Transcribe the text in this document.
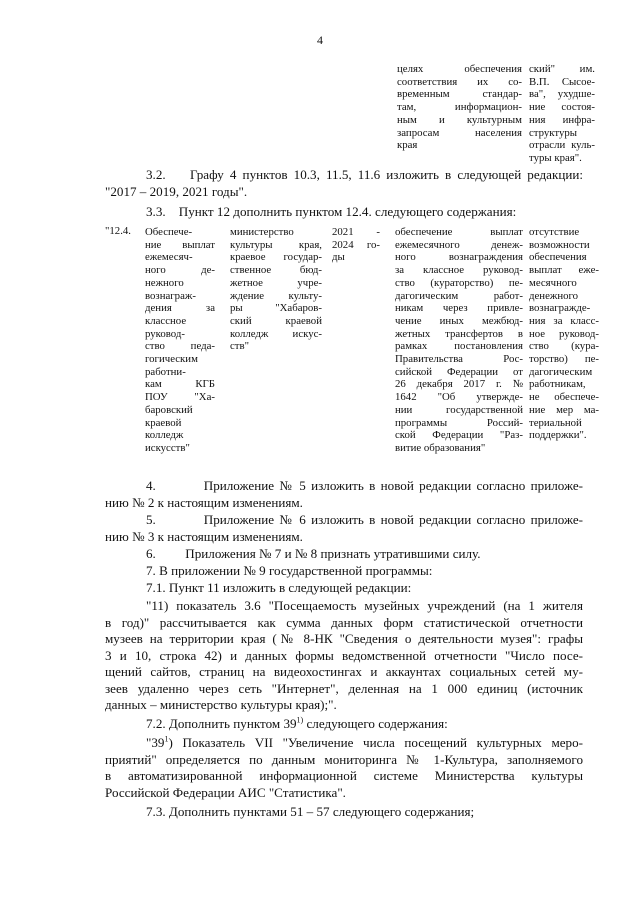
4
целях обеспечения
соответствия их со-
временным стандар-
там, информацион-
ным и культурным
запросам населения
края
ский" им.
В.П. Сысое-
ва", ухудше-
ние состоя-
ния инфра-
структуры
отрасли куль-
туры края".
3.2.    Графу 4 пунктов 10.3, 11.5, 11.6 изложить в следующей редакции:
"2017 – 2019, 2021 годы".
3.3.    Пункт 12 дополнить пунктом 12.4. следующего содержания:
"12.4.	Обеспече-
ние выплат
ежемесяч-
ного де-
нежного
вознаграж-
дения за
классное
руковод-
ство педа-
гогическим
работни-
кам КГБ
ПОУ "Ха-
баровский
краевой
колледж
искусств"
министерство
культуры края,
краевое государ-
ственное бюд-
жетное учре-
ждение культу-
ры "Хабаров-
ский краевой
колледж искус-
ств"
2021 -
2024 го-
ды
обеспечение выплат
ежемесячного денеж-
ного вознаграждения
за классное руковод-
ство (кураторство) пе-
дагогическим работ-
никам через привле-
чение иных межбюд-
жетных трансфертов в
рамках постановления
Правительства Рос-
сийской Федерации от
26 декабря 2017 г. №
1642 "Об утвержде-
нии государственной
программы Россий-
ской Федерации "Раз-
витие образования"
отсутствие
возможности
обеспечения
выплат еже-
месячного
денежного
вознагражде-
ния за класс-
ное руковод-
ство (кура-
торство) пе-
дагогическим
работникам,
не обеспече-
ние мер ма-
териальной
поддержки".
4.         Приложение № 5 изложить в новой редакции согласно приложе-
нию № 2 к настоящим изменениям.
5.         Приложение № 6 изложить в новой редакции согласно приложе-
нию № 3 к настоящим изменениям.
6.         Приложения № 7 и № 8 признать утратившими силу.
7. В приложении № 9 государственной программы:
7.1. Пункт 11 изложить в следующей редакции:
"11) показатель 3.6 "Посещаемость музейных учреждений (на 1 жителя
в год)" рассчитывается как сумма данных форм статистической отчетности
музеев на территории края (№ 8-НК "Сведения о деятельности музея": графы
3 и 10, строка 42) и данных формы ведомственной отчетности "Число посе-
щений сайтов, страниц на видеохостингах и аккаунтах социальных сетей му-
зеев удаленно через сеть "Интернет", деленная на 1 000 единиц (источник
данных – министерство культуры края);".
7.2. Дополнить пунктом 39$^{1)}$ следующего содержания:
"$39^1$) Показатель VII "Увеличение числа посещений культурных меро-
приятий" определяется по данным мониторинга № 1-Культура, заполняемого
в автоматизированной информационной системе Министерства культуры
Российской Федерации АИС "Статистика".
7.3. Дополнить пунктами 51 – 57 следующего содержания;
